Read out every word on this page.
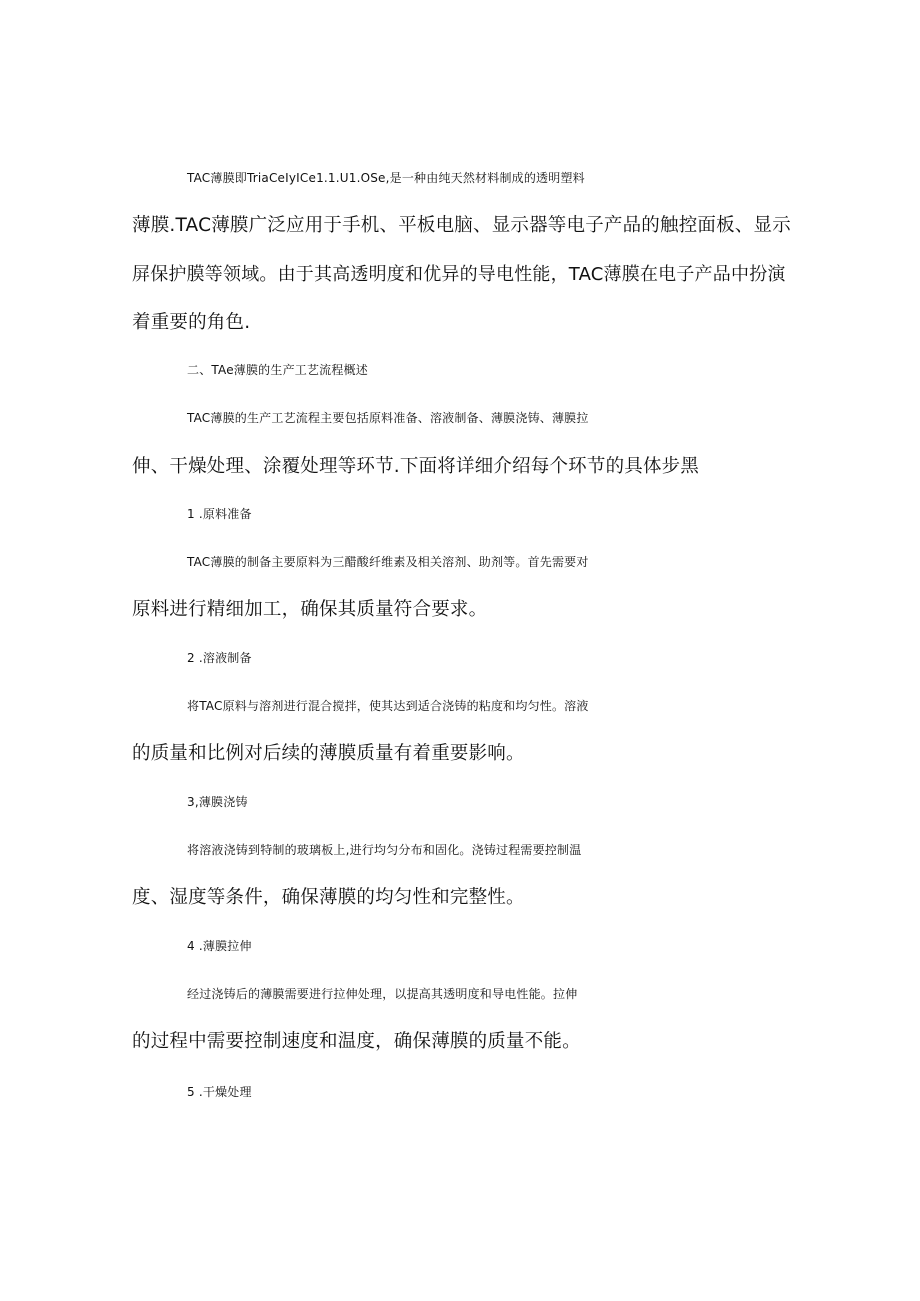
TAC薄膜即TriaCeIyICe1.1.U1.OSe,是一种由纯天然材料制成的透明塑料
薄膜.TAC薄膜广泛应用于手机、平板电脑、显示器等电子产品的触控面板、显示
屏保护膜等领域。由于其高透明度和优异的导电性能，TAC薄膜在电子产品中扮演
着重要的角色.
二、TAe薄膜的生产工艺流程概述
TAC薄膜的生产工艺流程主要包括原料准备、溶液制备、薄膜浇铸、薄膜拉
伸、干燥处理、涂覆处理等环节.下面将详细介绍每个环节的具体步黑
1 .原料准备
TAC薄膜的制备主要原料为三醋酸纤维素及相关溶剂、助剂等。首先需要对
原料进行精细加工，确保其质量符合要求。
2 .溶液制备
将TAC原料与溶剂进行混合搅拌，使其达到适合浇铸的粘度和均匀性。溶液
的质量和比例对后续的薄膜质量有着重要影响。
3,薄膜浇铸
将溶液浇铸到特制的玻璃板上,进行均匀分布和固化。浇铸过程需要控制温
度、湿度等条件，确保薄膜的均匀性和完整性。
4 .薄膜拉伸
经过浇铸后的薄膜需要进行拉伸处理，以提高其透明度和导电性能。拉伸
的过程中需要控制速度和温度，确保薄膜的质量不能。
5 .干燥处理
